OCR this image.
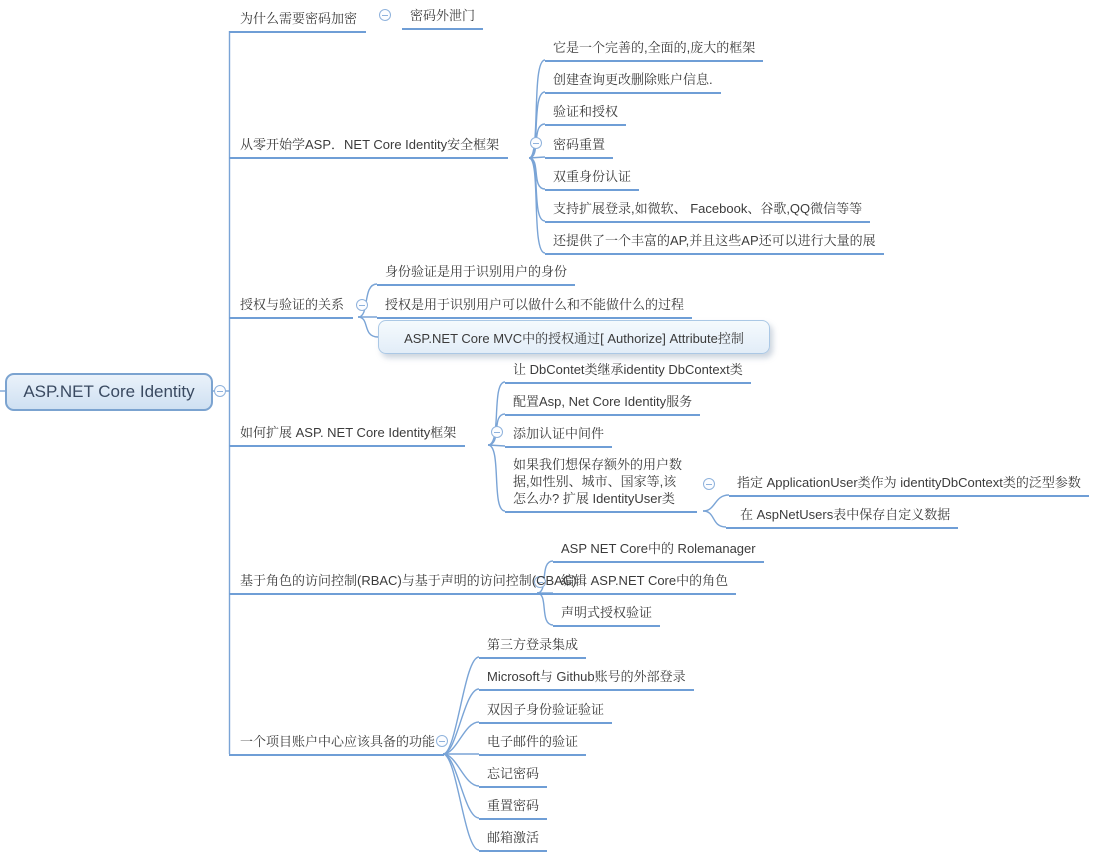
ASP.NET Core Identity
为什么需要密码加密	密码外泄门
从零开始学ASP．NET Core Identity安全框架
它是一个完善的,全面的,庞大的框架
创建查询更改删除账户信息.
验证和授权
密码重置
双重身份认证
支持扩展登录,如微软、 Facebook、谷歌,QQ微信等等
还提供了一个丰富的AP,并且这些AP还可以进行大量的展
授权与验证的关系
身份验证是用于识别用户的身份
授权是用于识别用户可以做什么和不能做什么的过程
ASP.NET Core MVC中的授权通过[ Authorize] Attribute控制
如何扩展 ASP. NET Core Identity框架
让 DbContet类继承identity DbContext类
配置Asp, Net Core Identity服务
添加认证中间件
如果我们想保存额外的用户数据,如性别、城市、国家等,该怎么办? 扩展 IdentityUser类
指定 ApplicationUser类作为 identityDbContext类的泛型参数
在 AspNetUsers表中保存自定义数据
基于角色的访问控制(RBAC)与基于声明的访问控制(CBAC)
ASP NET Core中的 Rolemanager
编辑 ASP.NET Core中的角色
声明式授权验证
一个项目账户中心应该具备的功能
第三方登录集成
Microsoft与 Github账号的外部登录
双因子身份验证验证
电子邮件的验证
忘记密码
重置密码
邮箱激活
